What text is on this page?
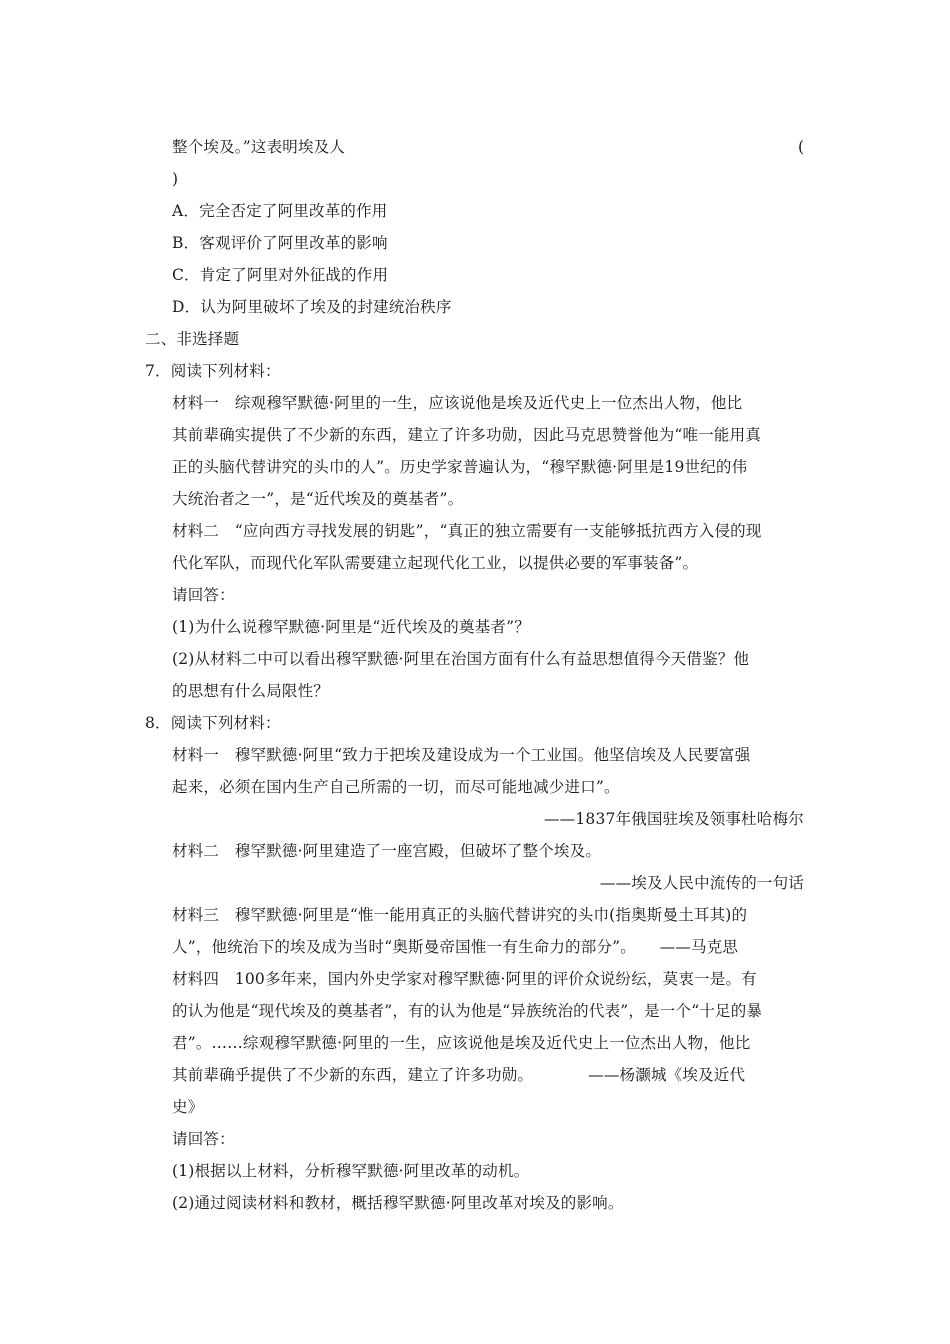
整个埃及。”这表明埃及人	(
)
A．完全否定了阿里改革的作用
B．客观评价了阿里改革的影响
C．肯定了阿里对外征战的作用
D．认为阿里破坏了埃及的封建统治秩序
二、非选择题
7．阅读下列材料：
材料一　综观穆罕默德·阿里的一生，应该说他是埃及近代史上一位杰出人物，他比
其前辈确实提供了不少新的东西，建立了许多功勋，因此马克思赞誉他为“唯一能用真
正的头脑代替讲究的头巾的人”。历史学家普遍认为，“穆罕默德·阿里是19世纪的伟
大统治者之一”，是“近代埃及的奠基者”。
材料二　“应向西方寻找发展的钥匙”，“真正的独立需要有一支能够抵抗西方入侵的现
代化军队，而现代化军队需要建立起现代化工业，以提供必要的军事装备”。
请回答：
(1)为什么说穆罕默德·阿里是“近代埃及的奠基者”？
(2)从材料二中可以看出穆罕默德·阿里在治国方面有什么有益思想值得今天借鉴？他
的思想有什么局限性？
8．阅读下列材料：
材料一　穆罕默德·阿里“致力于把埃及建设成为一个工业国。他坚信埃及人民要富强
起来，必须在国内生产自己所需的一切，而尽可能地减少进口”。
——1837年俄国驻埃及领事杜哈梅尔
材料二　穆罕默德·阿里建造了一座宫殿，但破坏了整个埃及。
——埃及人民中流传的一句话
材料三　穆罕默德·阿里是“惟一能用真正的头脑代替讲究的头巾(指奥斯曼土耳其)的
人”，他统治下的埃及成为当时“奥斯曼帝国惟一有生命力的部分”。　　——马克思
材料四　100多年来，国内外史学家对穆罕默德·阿里的评价众说纷纭，莫衷一是。有
的认为他是“现代埃及的奠基者”，有的认为他是“异族统治的代表”，是一个“十足的暴
君”。……综观穆罕默德·阿里的一生，应该说他是埃及近代史上一位杰出人物，他比
其前辈确乎提供了不少新的东西，建立了许多功勋。　　　　——杨灏城《埃及近代
史》
请回答：
(1)根据以上材料，分析穆罕默德·阿里改革的动机。
(2)通过阅读材料和教材，概括穆罕默德·阿里改革对埃及的影响。
